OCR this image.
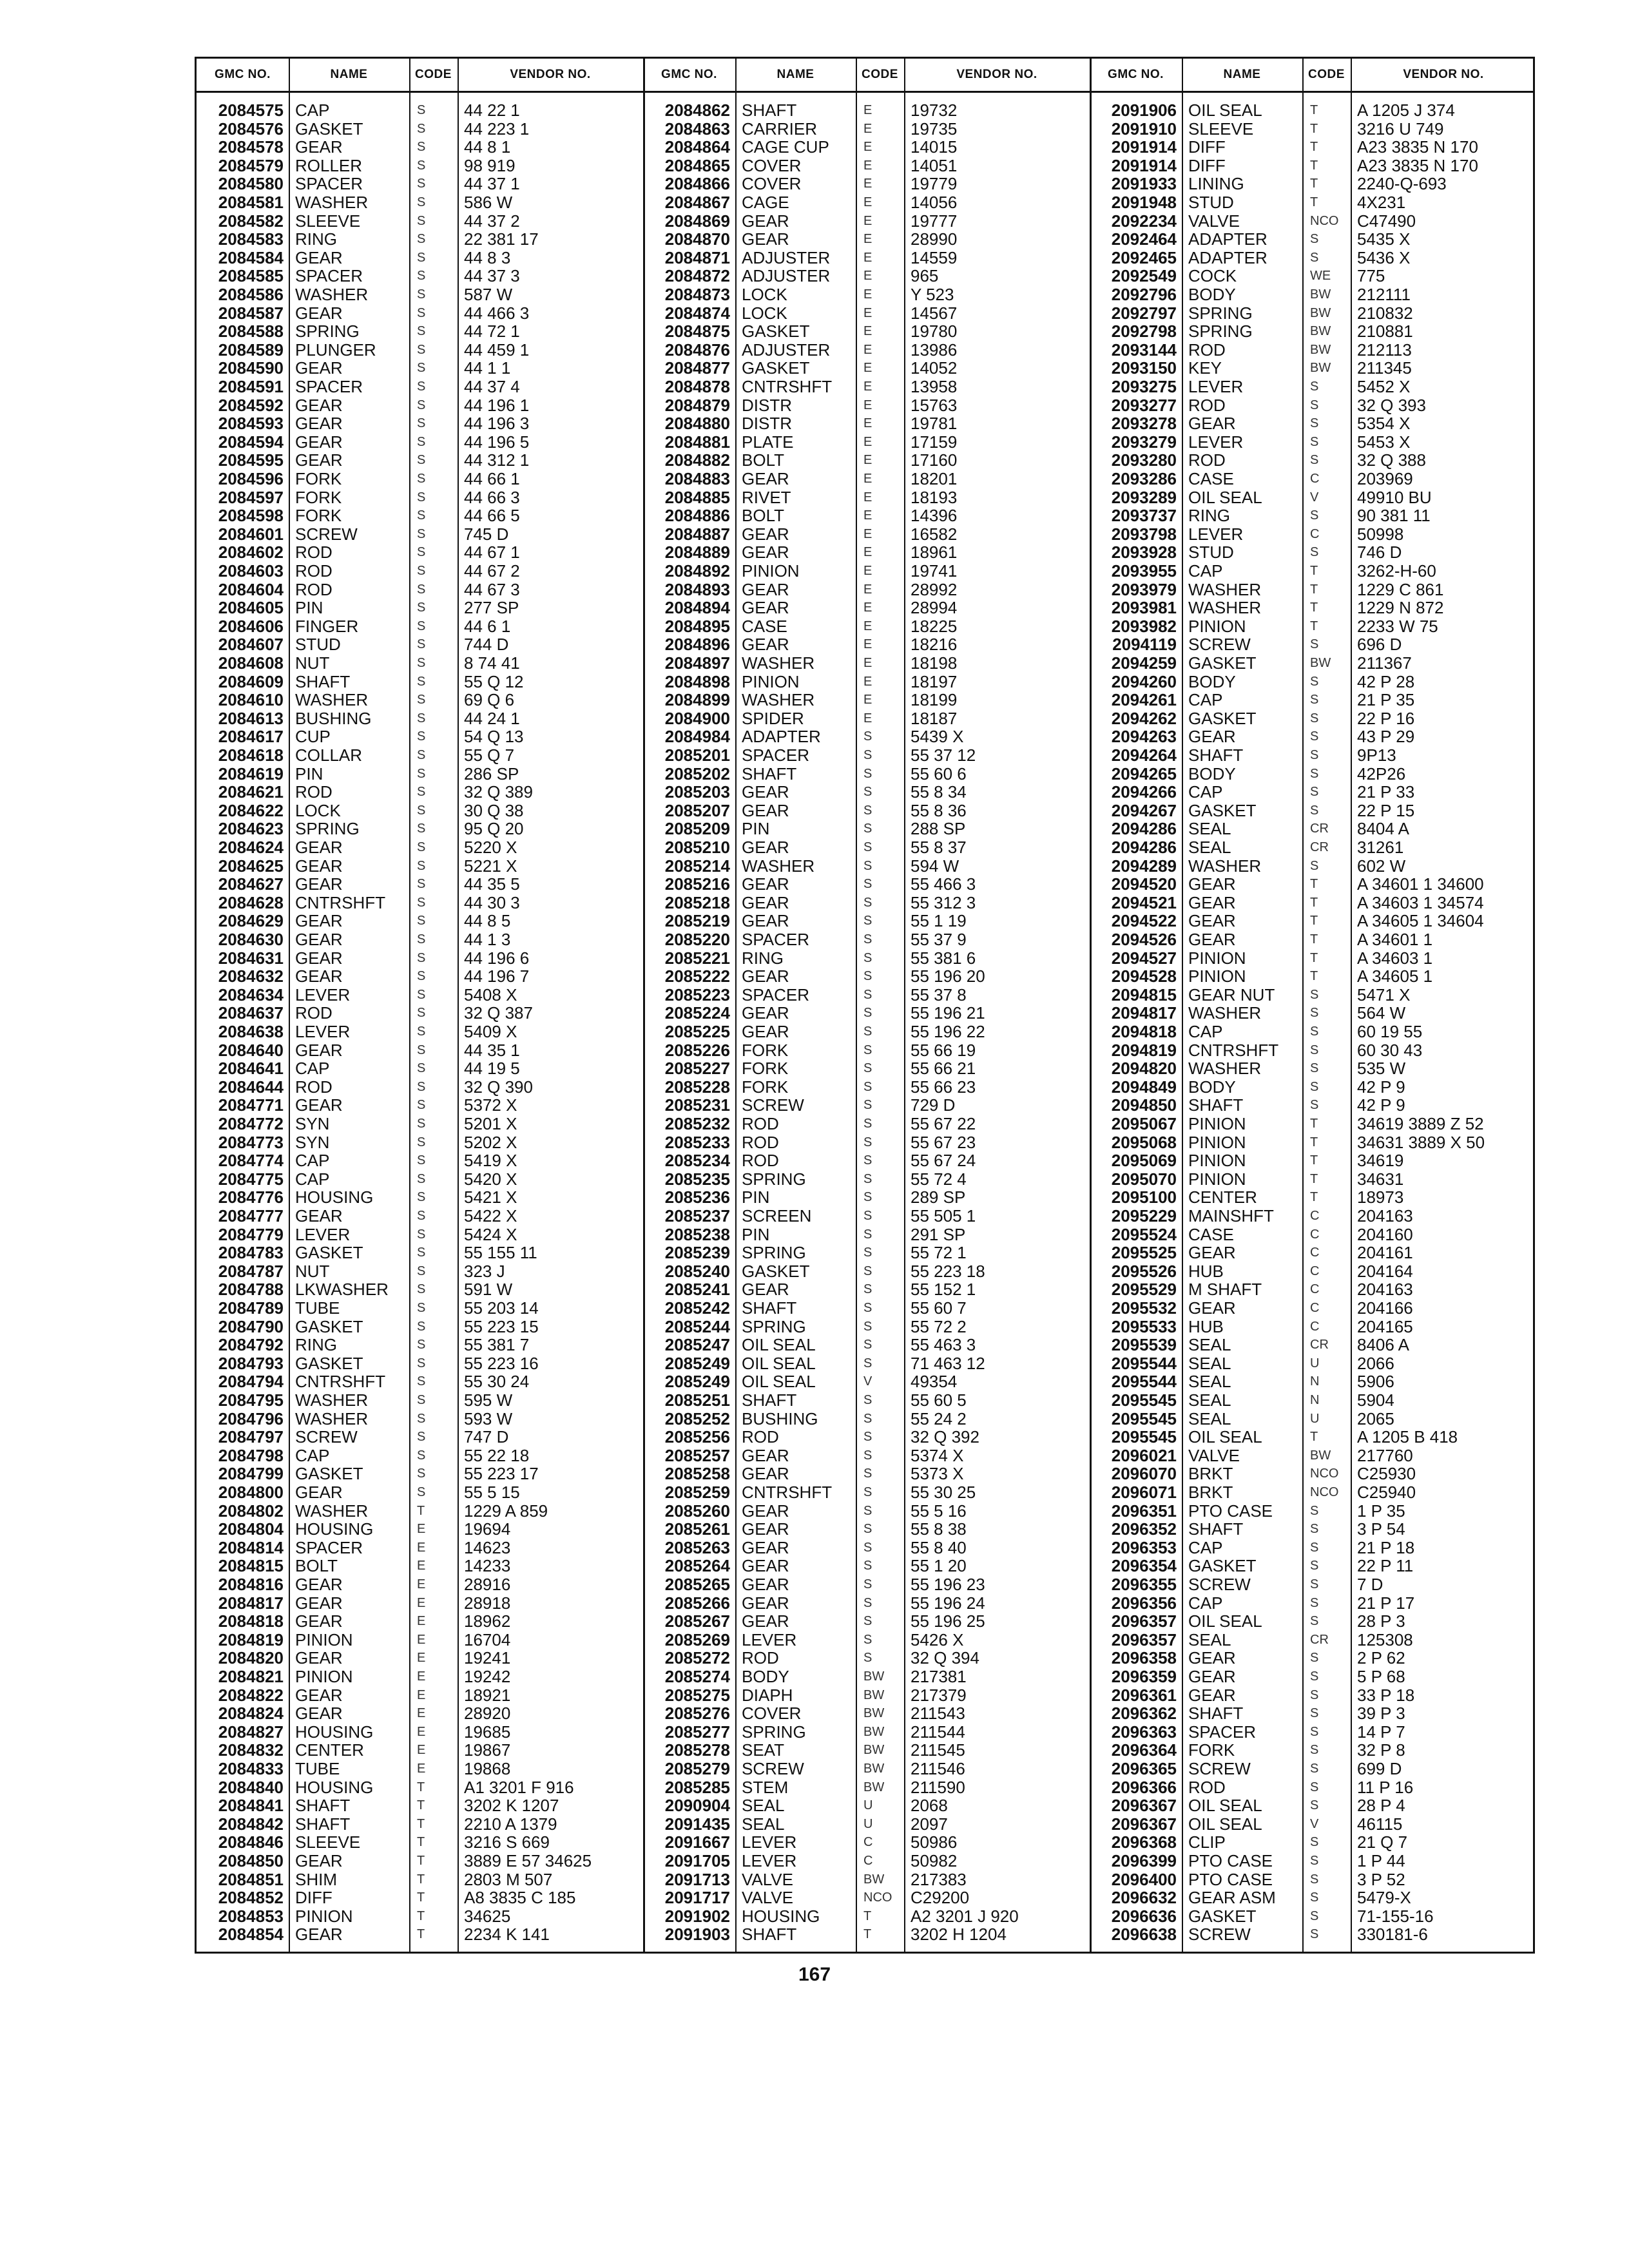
GMC NO.	NAME	CODE	VENDOR NO.	GMC NO.	NAME	CODE	VENDOR NO.	GMC NO.	NAME	CODE	VENDOR NO.
2084575 CAP	S 44 22 1
2084576 GASKET	S 44 223 1
2084578 GEAR	S 44 8 1
2084579 ROLLER	S 98 919
2084580 SPACER	S 44 37 1
2084581 WASHER	S 586 W
2084582 SLEEVE	S 44 37 2
2084583 RING	S 22 381 17
2084584 GEAR	S 44 8 3
2084585 SPACER	S 44 37 3
2084586 WASHER	S 587 W
2084587 GEAR	S 44 466 3
2084588 SPRING	S 44 72 1
2084589 PLUNGER	S 44 459 1
2084590 GEAR	S 44 1 1
2084591 SPACER	S 44 37 4
2084592 GEAR	S 44 196 1
2084593 GEAR	S 44 196 3
2084594 GEAR	S 44 196 5
2084595 GEAR	S 44 312 1
2084596 FORK	S 44 66 1
2084597 FORK	S 44 66 3
2084598 FORK	S 44 66 5
2084601 SCREW	S 745 D
2084602 ROD	S 44 67 1
2084603 ROD	S 44 67 2
2084604 ROD	S 44 67 3
2084605 PIN	S 277 SP
2084606 FINGER	S 44 6 1
2084607 STUD	S 744 D
2084608 NUT	S 8 74 41
2084609 SHAFT	S 55 Q 12
2084610 WASHER	S 69 Q 6
2084613 BUSHING	S 44 24 1
2084617 CUP	S 54 Q 13
2084618 COLLAR	S 55 Q 7
2084619 PIN	S 286 SP
2084621 ROD	S 32 Q 389
2084622 LOCK	S 30 Q 38
2084623 SPRING	S 95 Q 20
2084624 GEAR	S 5220 X
2084625 GEAR	S 5221 X
2084627 GEAR	S 44 35 5
2084628 CNTRSHFT S 44 30 3
2084629 GEAR	S 44 8 5
2084630 GEAR	S 44 1 3
2084631 GEAR	S 44 196 6
2084632 GEAR	S 44 196 7
2084634 LEVER	S 5408 X
2084637 ROD	S 32 Q 387
2084638 LEVER	S 5409 X
2084640 GEAR	S 44 35 1
2084641 CAP	S 44 19 5
2084644 ROD	S 32 Q 390
2084771 GEAR	S 5372 X
2084772 SYN	S 5201 X
2084773 SYN	S 5202 X
2084774 CAP	S 5419 X
2084775 CAP	S 5420 X
2084776 HOUSING	S 5421 X
2084777 GEAR	S 5422 X
2084779 LEVER	S 5424 X
2084783 GASKET	S 55 155 11
2084787 NUT	S 323 J
2084788 LKWASHER S 591 W
2084789 TUBE	S 55 203 14
2084790 GASKET	S 55 223 15
2084792 RING	S 55 381 7
2084793 GASKET	S 55 223 16
2084794 CNTRSHFT S 55 30 24
2084795 WASHER	S 595 W
2084796 WASHER	S 593 W
2084797 SCREW	S 747 D
2084798 CAP	S 55 22 18
2084799 GASKET	S 55 223 17
2084800 GEAR	S 55 5 15
2084802 WASHER	T 1229 A 859
2084804 HOUSING	E 19694
2084814 SPACER	E 14623
2084815 BOLT	E 14233
2084816 GEAR	E 28916
2084817 GEAR	E 28918
2084818 GEAR	E 18962
2084819 PINION	E 16704
2084820 GEAR	E 19241
2084821 PINION	E 19242
2084822 GEAR	E 18921
2084824 GEAR	E 28920
2084827 HOUSING	E 19685
2084832 CENTER	E 19867
2084833 TUBE	E 19868
2084840 HOUSING	T A1 3201 F 916
2084841 SHAFT	T 3202 K 1207
2084842 SHAFT	T 2210 A 1379
2084846 SLEEVE	T 3216 S 669
2084850 GEAR	T 3889 E 57 34625
2084851 SHIM	T 2803 M 507
2084852 DIFF	T A8 3835 C 185
2084853 PINION	T 34625
2084854 GEAR	T 2234 K 141
2084862 SHAFT	E 19732
2084863 CARRIER	E 19735
2084864 CAGE CUP	E 14015
2084865 COVER	E 14051
2084866 COVER	E 19779
2084867 CAGE	E 14056
2084869 GEAR	E 19777
2084870 GEAR	E 28990
2084871 ADJUSTER	E 14559
2084872 ADJUSTER	E 965
2084873 LOCK	E Y 523
2084874 LOCK	E 14567
2084875 GASKET	E 19780
2084876 ADJUSTER	E 13986
2084877 GASKET	E 14052
2084878 CNTRSHFT E 13958
2084879 DISTR	E 15763
2084880 DISTR	E 19781
2084881 PLATE	E 17159
2084882 BOLT	E 17160
2084883 GEAR	E 18201
2084885 RIVET	E 18193
2084886 BOLT	E 14396
2084887 GEAR	E 16582
2084889 GEAR	E 18961
2084892 PINION	E 19741
2084893 GEAR	E 28992
2084894 GEAR	E 28994
2084895 CASE	E 18225
2084896 GEAR	E 18216
2084897 WASHER	E 18198
2084898 PINION	E 18197
2084899 WASHER	E 18199
2084900 SPIDER	E 18187
2084984 ADAPTER	S 5439 X
2085201 SPACER	S 55 37 12
2085202 SHAFT	S 55 60 6
2085203 GEAR	S 55 8 34
2085207 GEAR	S 55 8 36
2085209 PIN	S 288 SP
2085210 GEAR	S 55 8 37
2085214 WASHER	S 594 W
2085216 GEAR	S 55 466 3
2085218 GEAR	S 55 312 3
2085219 GEAR	S 55 1 19
2085220 SPACER	S 55 37 9
2085221 RING	S 55 381 6
2085222 GEAR	S 55 196 20
2085223 SPACER	S 55 37 8
2085224 GEAR	S 55 196 21
2085225 GEAR	S 55 196 22
2085226 FORK	S 55 66 19
2085227 FORK	S 55 66 21
2085228 FORK	S 55 66 23
2085231 SCREW	S 729 D
2085232 ROD	S 55 67 22
2085233 ROD	S 55 67 23
2085234 ROD	S 55 67 24
2085235 SPRING	S 55 72 4
2085236 PIN	S 289 SP
2085237 SCREEN	S 55 505 1
2085238 PIN	S 291 SP
2085239 SPRING	S 55 72 1
2085240 GASKET	S 55 223 18
2085241 GEAR	S 55 152 1
2085242 SHAFT	S 55 60 7
2085244 SPRING	S 55 72 2
2085247 OIL SEAL	S 55 463 3
2085249 OIL SEAL	S 71 463 12
2085249 OIL SEAL	V 49354
2085251 SHAFT	S 55 60 5
2085252 BUSHING	S 55 24 2
2085256 ROD	S 32 Q 392
2085257 GEAR	S 5374 X
2085258 GEAR	S 5373 X
2085259 CNTRSHFT S 55 30 25
2085260 GEAR	S 55 5 16
2085261 GEAR	S 55 8 38
2085263 GEAR	S 55 8 40
2085264 GEAR	S 55 1 20
2085265 GEAR	S 55 196 23
2085266 GEAR	S 55 196 24
2085267 GEAR	S 55 196 25
2085269 LEVER	S 5426 X
2085272 ROD	S 32 Q 394
2085274 BODY	BW 217381
2085275 DIAPH	BW 217379
2085276 COVER	BW 211543
2085277 SPRING	BW 211544
2085278 SEAT	BW 211545
2085279 SCREW	BW 211546
2085285 STEM	BW 211590
2090904 SEAL	U 2068
2091435 SEAL	U 2097
2091667 LEVER	C 50986
2091705 LEVER	C 50982
2091713 VALVE	BW 217383
2091717 VALVE	NCO C29200
2091902 HOUSING	T A2 3201 J 920
2091903 SHAFT	T 3202 H 1204
2091906 OIL SEAL	T A 1205 J 374
2091910 SLEEVE	T 3216 U 749
2091914 DIFF	T A23 3835 N 170
2091914 DIFF	T A23 3835 N 170
2091933 LINING	T 2240-Q-693
2091948 STUD	T 4X231
2092234 VALVE	NCO C47490
2092464 ADAPTER	S 5435 X
2092465 ADAPTER	S 5436 X
2092549 COCK	WE 775
2092796 BODY	BW 212111
2092797 SPRING	BW 210832
2092798 SPRING	BW 210881
2093144 ROD	BW 212113
2093150 KEY	BW 211345
2093275 LEVER	S 5452 X
2093277 ROD	S 32 Q 393
2093278 GEAR	S 5354 X
2093279 LEVER	S 5453 X
2093280 ROD	S 32 Q 388
2093286 CASE	C 203969
2093289 OIL SEAL	V 49910 BU
2093737 RING	S 90 381 11
2093798 LEVER	C 50998
2093928 STUD	S 746 D
2093955 CAP	T 3262-H-60
2093979 WASHER	T 1229 C 861
2093981 WASHER	T 1229 N 872
2093982 PINION	T 2233 W 75
2094119 SCREW	S 696 D
2094259 GASKET	BW 211367
2094260 BODY	S 42 P 28
2094261 CAP	S 21 P 35
2094262 GASKET	S 22 P 16
2094263 GEAR	S 43 P 29
2094264 SHAFT	S 9P13
2094265 BODY	S 42P26
2094266 CAP	S 21 P 33
2094267 GASKET	S 22 P 15
2094286 SEAL	CR 8404 A
2094286 SEAL	CR 31261
2094289 WASHER	S 602 W
2094520 GEAR	T A 34601 1 34600
2094521 GEAR	T A 34603 1 34574
2094522 GEAR	T A 34605 1 34604
2094526 GEAR	T A 34601 1
2094527 PINION	T A 34603 1
2094528 PINION	T A 34605 1
2094815 GEAR NUT	S 5471 X
2094817 WASHER	S 564 W
2094818 CAP	S 60 19 55
2094819 CNTRSHFT S 60 30 43
2094820 WASHER	S 535 W
2094849 BODY	S 42 P 9
2094850 SHAFT	S 42 P 9
2095067 PINION	T 34619 3889 Z 52
2095068 PINION	T 34631 3889 X 50
2095069 PINION	T 34619
2095070 PINION	T 34631
2095100 CENTER	T 18973
2095229 MAINSHFT	C 204163
2095524 CASE	C 204160
2095525 GEAR	C 204161
2095526 HUB	C 204164
2095529 M SHAFT	C 204163
2095532 GEAR	C 204166
2095533 HUB	C 204165
2095539 SEAL	CR 8406 A
2095544 SEAL	U 2066
2095544 SEAL	N 5906
2095545 SEAL	N 5904
2095545 SEAL	U 2065
2095545 OIL SEAL	T A 1205 B 418
2096021 VALVE	BW 217760
2096070 BRKT	NCO C25930
2096071 BRKT	NCO C25940
2096351 PTO CASE	S 1 P 35
2096352 SHAFT	S 3 P 54
2096353 CAP	S 21 P 18
2096354 GASKET	S 22 P 11
2096355 SCREW	S 7 D
2096356 CAP	S 21 P 17
2096357 OIL SEAL	S 28 P 3
2096357 SEAL	CR 125308
2096358 GEAR	S 2 P 62
2096359 GEAR	S 5 P 68
2096361 GEAR	S 33 P 18
2096362 SHAFT	S 39 P 3
2096363 SPACER	S 14 P 7
2096364 FORK	S 32 P 8
2096365 SCREW	S 699 D
2096366 ROD	S 11 P 16
2096367 OIL SEAL	S 28 P 4
2096367 OIL SEAL	V 46115
2096368 CLIP	S 21 Q 7
2096399 PTO CASE	S 1 P 44
2096400 PTO CASE	S 3 P 52
2096632 GEAR ASM	S 5479-X
2096636 GASKET	S 71-155-16
2096638 SCREW	S 330181-6
167
